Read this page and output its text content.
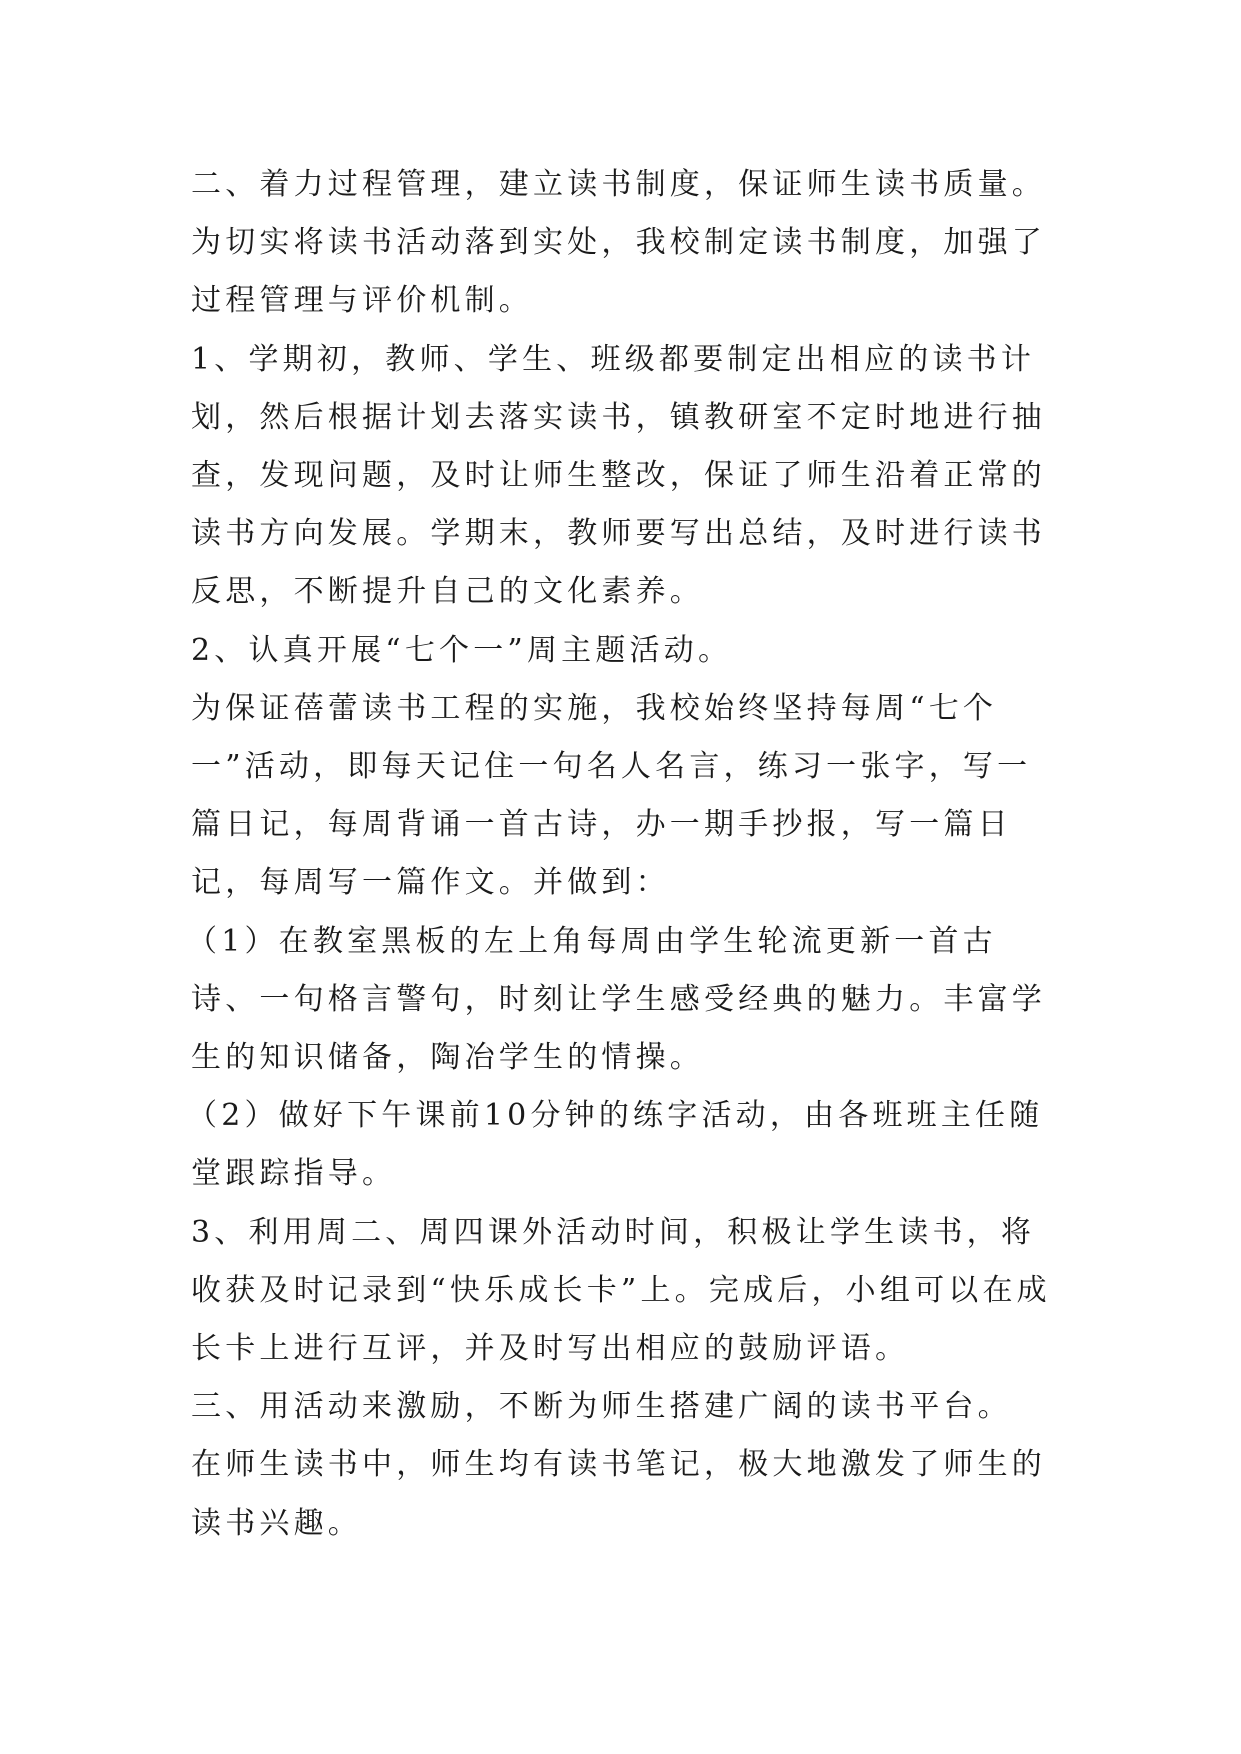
二、着力过程管理，建立读书制度，保证师生读书质量。

为切实将读书活动落到实处，我校制定读书制度，加强了过程管理与评价机制。

1、学期初，教师、学生、班级都要制定出相应的读书计划，然后根据计划去落实读书，镇教研室不定时地进行抽查，发现问题，及时让师生整改，保证了师生沿着正常的读书方向发展。学期末，教师要写出总结，及时进行读书反思，不断提升自己的文化素养。

2、认真开展“七个一”周主题活动。

为保证蓓蕾读书工程的实施，我校始终坚持每周“七个一”活动，即每天记住一句名人名言，练习一张字，写一篇日记，每周背诵一首古诗，办一期手抄报，写一篇日记，每周写一篇作文。并做到：

（1）在教室黑板的左上角每周由学生轮流更新一首古诗、一句格言警句，时刻让学生感受经典的魅力。丰富学生的知识储备，陶冶学生的情操。

（2）做好下午课前10分钟的练字活动，由各班班主任随堂跟踪指导。

3、利用周二、周四课外活动时间，积极让学生读书，将收获及时记录到“快乐成长卡”上。完成后，小组可以在成长卡上进行互评，并及时写出相应的鼓励评语。

三、用活动来激励，不断为师生搭建广阔的读书平台。

在师生读书中，师生均有读书笔记，极大地激发了师生的读书兴趣。
